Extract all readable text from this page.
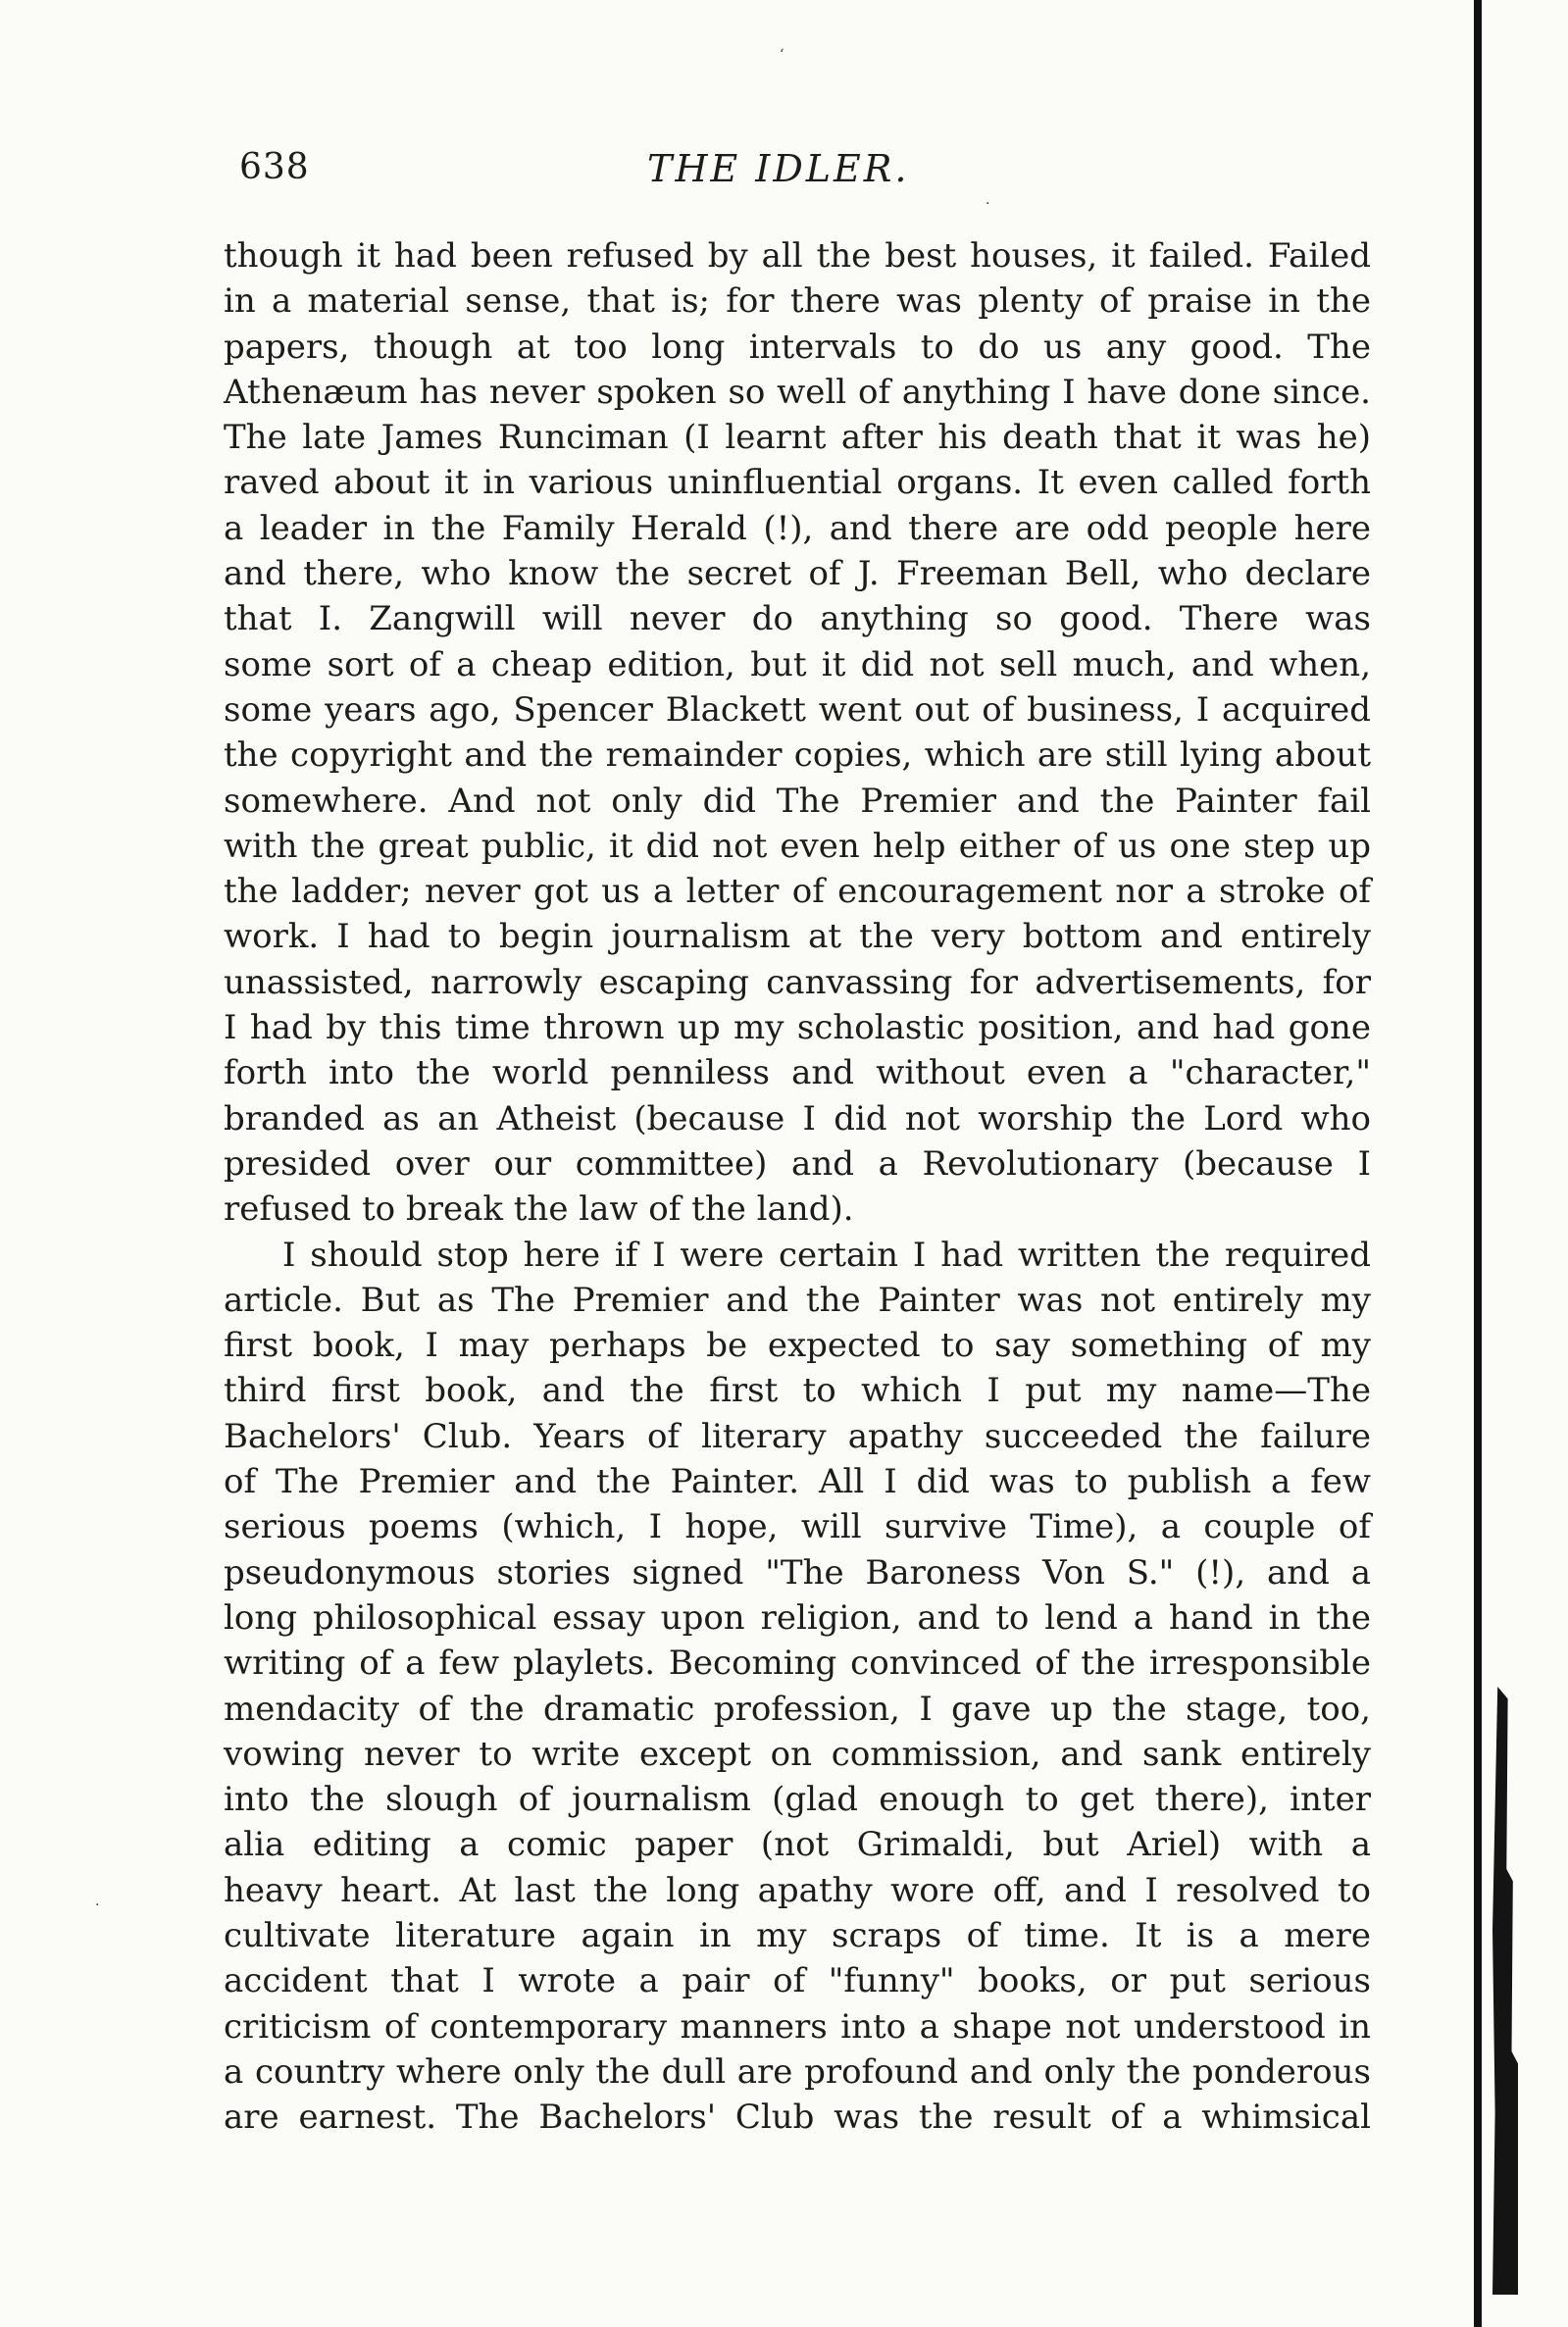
‘
·
·
638	THE IDLER.
though it had been refused by all the best houses, it failed. Failed
in a material sense, that is; for there was plenty of praise in the
papers, though at too long intervals to do us any good. The
Athenæum has never spoken so well of anything I have done since.
The late James Runciman (I learnt after his death that it was he)
raved about it in various uninfluential organs. It even called forth
a leader in the Family Herald (!), and there are odd people here
and there, who know the secret of J. Freeman Bell, who declare
that I. Zangwill will never do anything so good. There was
some sort of a cheap edition, but it did not sell much, and when,
some years ago, Spencer Blackett went out of business, I acquired
the copyright and the remainder copies, which are still lying about
somewhere. And not only did The Premier and the Painter fail
with the great public, it did not even help either of us one step up
the ladder; never got us a letter of encouragement nor a stroke of
work. I had to begin journalism at the very bottom and entirely
unassisted, narrowly escaping canvassing for advertisements, for
I had by this time thrown up my scholastic position, and had gone
forth into the world penniless and without even a "character,"
branded as an Atheist (because I did not worship the Lord who
presided over our committee) and a Revolutionary (because I
refused to break the law of the land).
I should stop here if I were certain I had written the required
article. But as The Premier and the Painter was not entirely my
first book, I may perhaps be expected to say something of my
third first book, and the first to which I put my name—The
Bachelors' Club. Years of literary apathy succeeded the failure
of The Premier and the Painter. All I did was to publish a few
serious poems (which, I hope, will survive Time), a couple of
pseudonymous stories signed "The Baroness Von S." (!), and a
long philosophical essay upon religion, and to lend a hand in the
writing of a few playlets. Becoming convinced of the irresponsible
mendacity of the dramatic profession, I gave up the stage, too,
vowing never to write except on commission, and sank entirely
into the slough of journalism (glad enough to get there), inter
alia editing a comic paper (not Grimaldi, but Ariel) with a
heavy heart. At last the long apathy wore off, and I resolved to
cultivate literature again in my scraps of time. It is a mere
accident that I wrote a pair of "funny" books, or put serious
criticism of contemporary manners into a shape not understood in
a country where only the dull are profound and only the ponderous
are earnest. The Bachelors' Club was the result of a whimsical
